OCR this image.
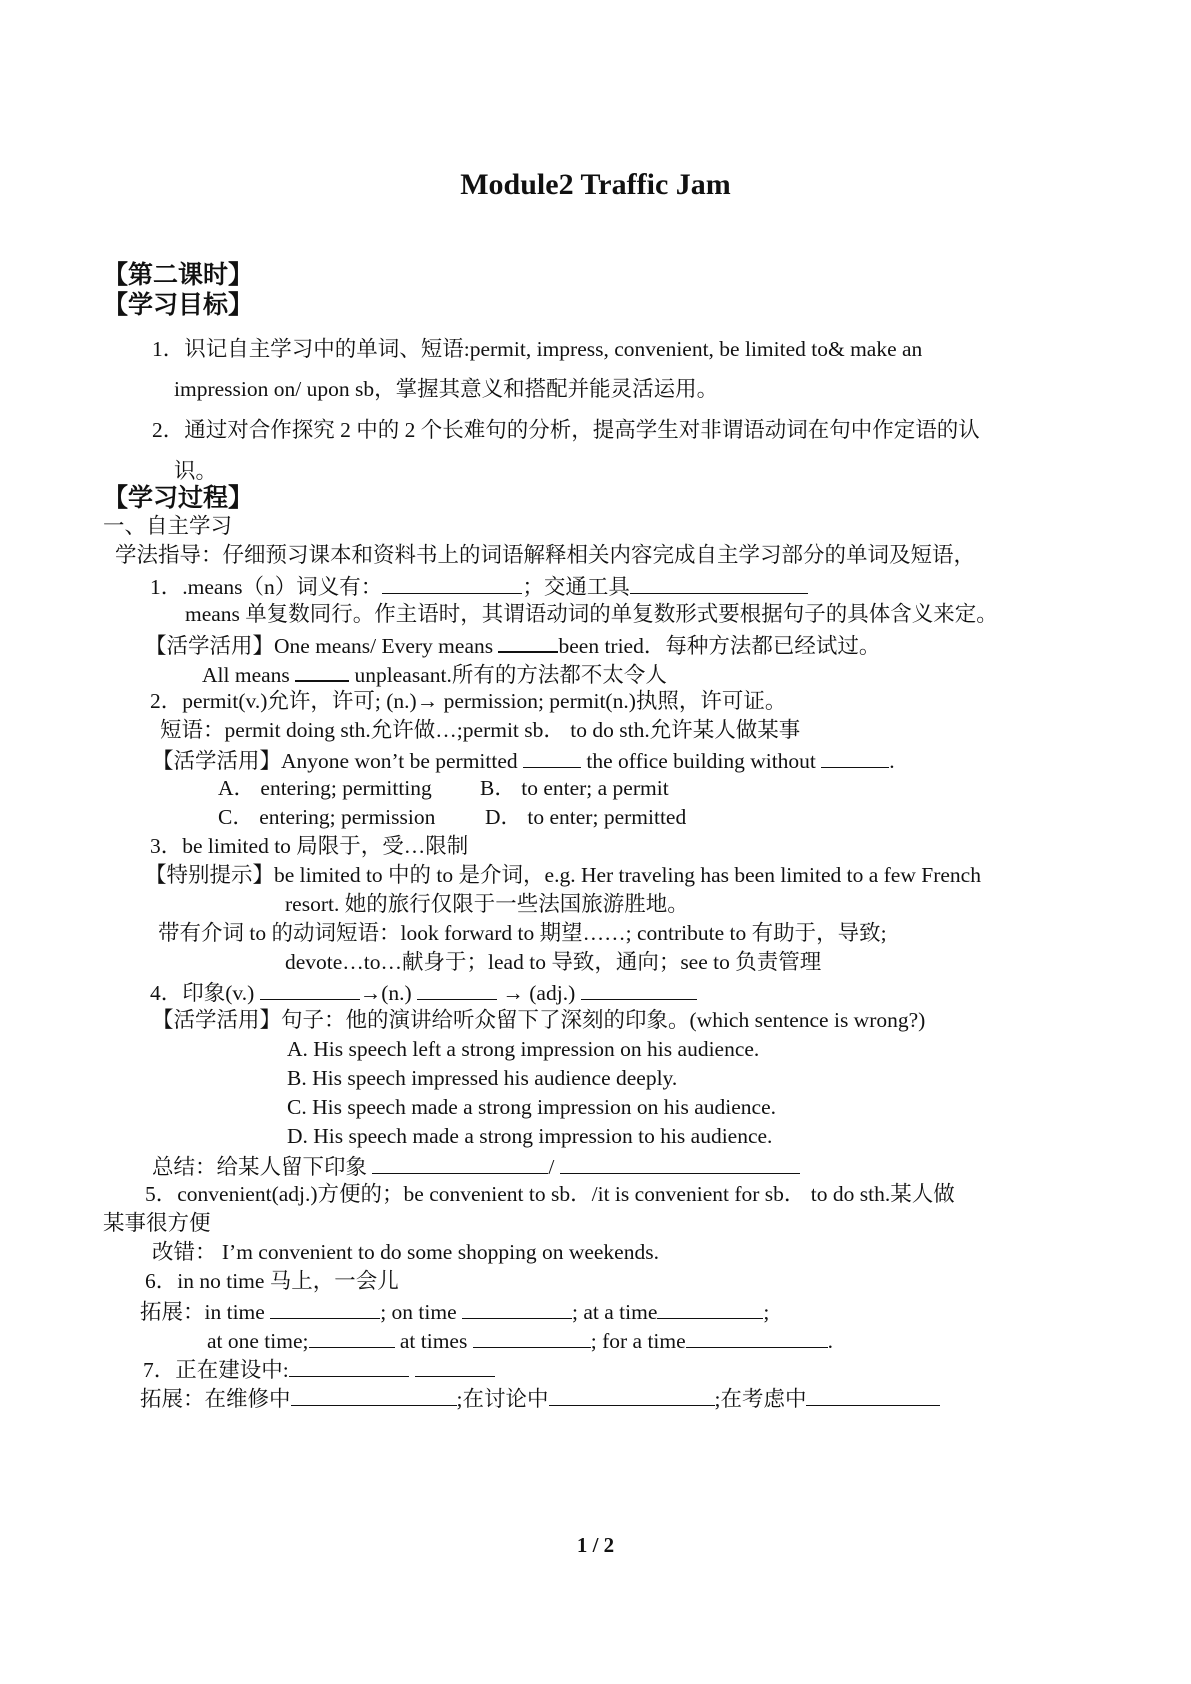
Module2 Traffic Jam
【第二课时】
【学习目标】
1．识记自主学习中的单词、短语:permit, impress, convenient, be limited to& make an
impression on/ upon sb，掌握其意义和搭配并能灵活运用。
2．通过对合作探究 2 中的 2 个长难句的分析，提高学生对非谓语动词在句中作定语的认
识。
【学习过程】
一、自主学习
学法指导：仔细预习课本和资料书上的词语解释相关内容完成自主学习部分的单词及短语，
1．.means（n）词义有：	；交通工具
means 单复数同行。作主语时，其谓语动词的单复数形式要根据句子的具体含义来定。
【活学活用】One means/ Every means	been tried．每种方法都已经试过。
All means	unpleasant.所有的方法都不太令人
2．permit(v.)允许，许可; (n.)→ permission; permit(n.)执照，许可证。
短语：permit doing sth.允许做…;permit sb． to do sth.允许某人做某事
【活学活用】Anyone won’t be permitted	the office building without	.
A． entering; permitting B． to enter; a permit
C． entering; permission D． to enter; permitted
3．be limited to 局限于，受…限制
【特别提示】be limited to 中的 to 是介词，e.g. Her traveling has been limited to a few French
resort. 她的旅行仅限于一些法国旅游胜地。
带有介词 to 的动词短语：look forward to 期望……; contribute to 有助于，导致;
devote…to…献身于；lead to 导致，通向；see to 负责管理
4．印象(v.)	→(n.)	→ (adj.)
【活学活用】句子：他的演讲给听众留下了深刻的印象。(which sentence is wrong?)
A. His speech left a strong impression on his audience.
B. His speech impressed his audience deeply.
C. His speech made a strong impression on his audience.
D. His speech made a strong impression to his audience.
总结：给某人留下印象	/
5．convenient(adj.)方便的；be convenient to sb．/it is convenient for sb． to do sth.某人做
某事很方便
改错： I’m convenient to do some shopping on weekends.
6．in no time 马上，一会儿
拓展：in time	; on time	; at a time	;
at one time;	at times	; for a time	.
7．正在建设中:
拓展：在维修中	;在讨论中	;在考虑中
1 / 2
